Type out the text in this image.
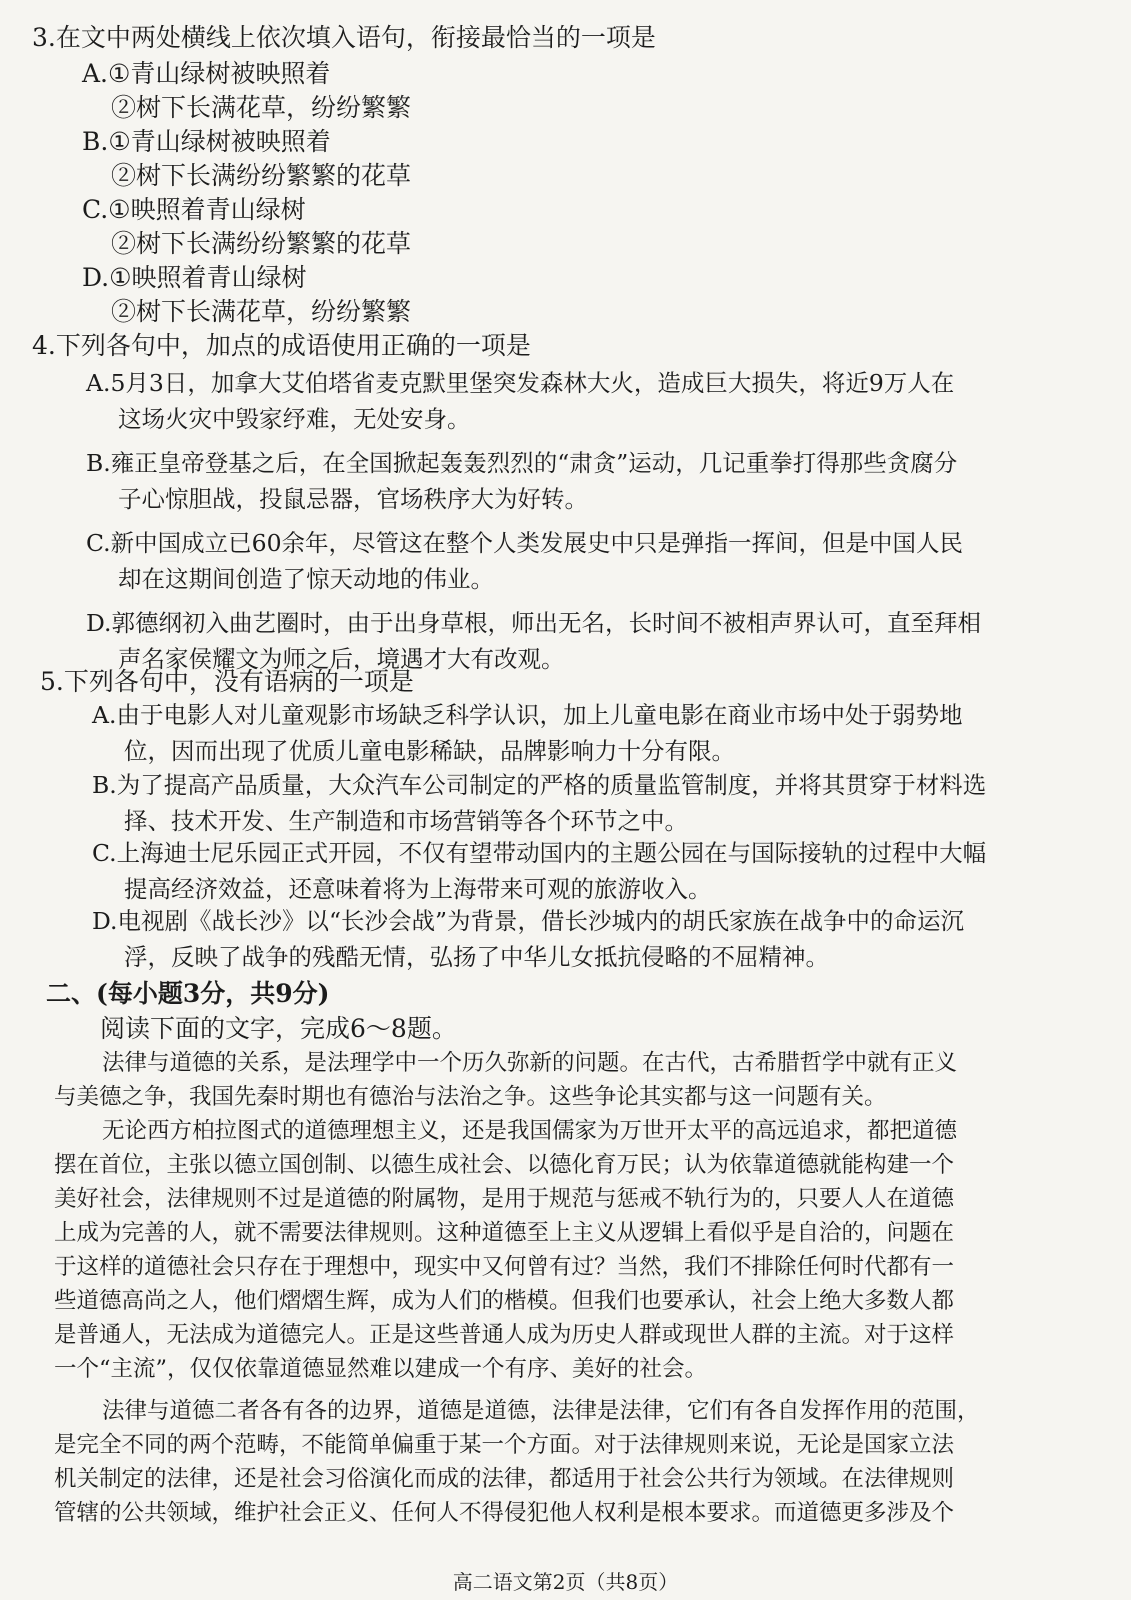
3.在文中两处横线上依次填入语句，衔接最恰当的一项是
A.①青山绿树被映照着
②树下长满花草，纷纷繁繁
B.①青山绿树被映照着
②树下长满纷纷繁繁的花草
C.①映照着青山绿树
②树下长满纷纷繁繁的花草
D.①映照着青山绿树
②树下长满花草，纷纷繁繁
4.下列各句中，加点的成语使用正确的一项是
A.5月3日，加拿大艾伯塔省麦克默里堡突发森林大火，造成巨大损失，将近9万人在
这场火灾中毁家纾难，无处安身。
B.雍正皇帝登基之后，在全国掀起轰轰烈烈的“肃贪”运动，几记重拳打得那些贪腐分
子心惊胆战，投鼠忌器，官场秩序大为好转。
C.新中国成立已60余年，尽管这在整个人类发展史中只是弹指一挥间，但是中国人民
却在这期间创造了惊天动地的伟业。
D.郭德纲初入曲艺圈时，由于出身草根，师出无名，长时间不被相声界认可，直至拜相
声名家侯耀文为师之后，境遇才大有改观。
5.下列各句中，没有语病的一项是
A.由于电影人对儿童观影市场缺乏科学认识，加上儿童电影在商业市场中处于弱势地
位，因而出现了优质儿童电影稀缺，品牌影响力十分有限。
B.为了提高产品质量，大众汽车公司制定的严格的质量监管制度，并将其贯穿于材料选
择、技术开发、生产制造和市场营销等各个环节之中。
C.上海迪士尼乐园正式开园，不仅有望带动国内的主题公园在与国际接轨的过程中大幅
提高经济效益，还意味着将为上海带来可观的旅游收入。
D.电视剧《战长沙》以“长沙会战”为背景，借长沙城内的胡氏家族在战争中的命运沉
浮，反映了战争的残酷无情，弘扬了中华儿女抵抗侵略的不屈精神。
二、(每小题3分，共9分)
阅读下面的文字，完成6～8题。
法律与道德的关系，是法理学中一个历久弥新的问题。在古代，古希腊哲学中就有正义
与美德之争，我国先秦时期也有德治与法治之争。这些争论其实都与这一问题有关。
无论西方柏拉图式的道德理想主义，还是我国儒家为万世开太平的高远追求，都把道德
摆在首位，主张以德立国创制、以德生成社会、以德化育万民；认为依靠道德就能构建一个
美好社会，法律规则不过是道德的附属物，是用于规范与惩戒不轨行为的，只要人人在道德
上成为完善的人，就不需要法律规则。这种道德至上主义从逻辑上看似乎是自洽的，问题在
于这样的道德社会只存在于理想中，现实中又何曾有过？当然，我们不排除任何时代都有一
些道德高尚之人，他们熠熠生辉，成为人们的楷模。但我们也要承认，社会上绝大多数人都
是普通人，无法成为道德完人。正是这些普通人成为历史人群或现世人群的主流。对于这样
一个“主流”，仅仅依靠道德显然难以建成一个有序、美好的社会。
法律与道德二者各有各的边界，道德是道德，法律是法律，它们有各自发挥作用的范围，
是完全不同的两个范畴，不能简单偏重于某一个方面。对于法律规则来说，无论是国家立法
机关制定的法律，还是社会习俗演化而成的法律，都适用于社会公共行为领域。在法律规则
管辖的公共领域，维护社会正义、任何人不得侵犯他人权利是根本要求。而道德更多涉及个
高二语文第2页（共8页）
